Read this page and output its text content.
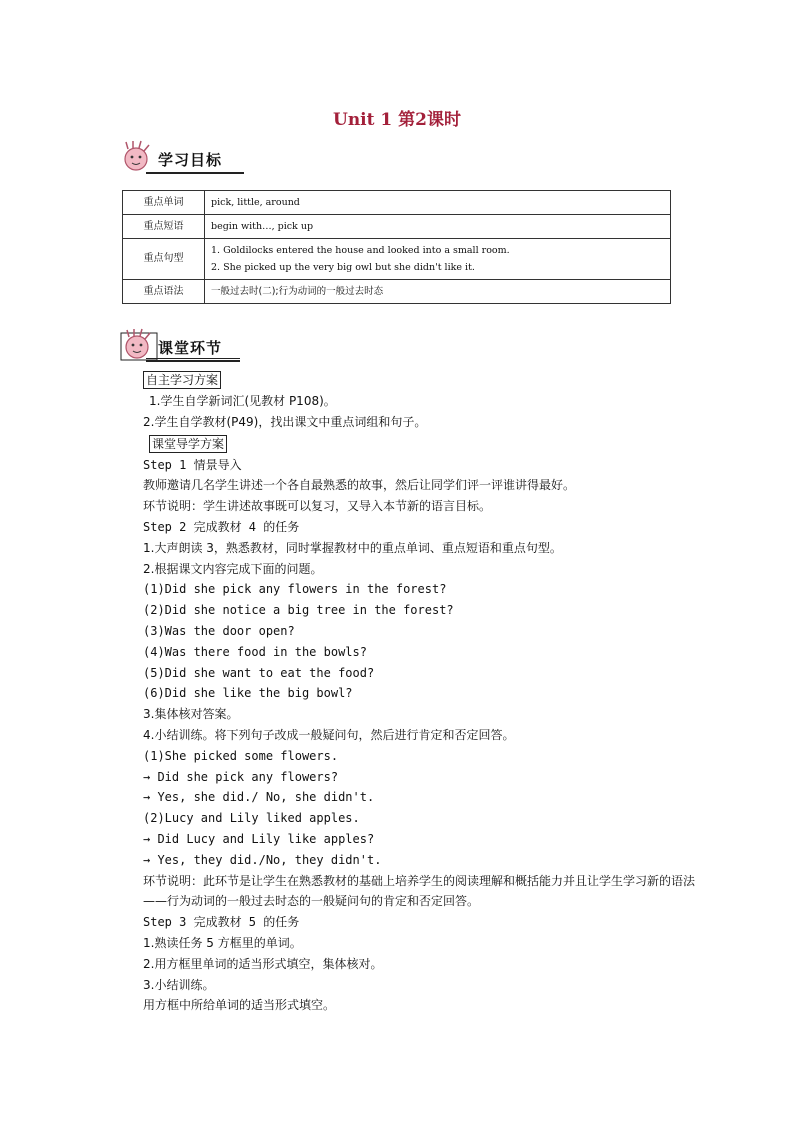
Unit 1 第2课时
学习目标
重点单词	pick, little, around

重点短语	begin with…, pick up

重点句型	1. Goldilocks entered the house and looked into a small room.
2. She picked up the very big owl but she didn't like it.

重点语法	一般过去时(二);行为动词的一般过去时态
课堂环节
自主学习方案
1.学生自学新词汇(见教材 P108)。
2.学生自学教材(P49)，找出课文中重点词组和句子。
课堂导学方案
Step 1 情景导入
教师邀请几名学生讲述一个各自最熟悉的故事，然后让同学们评一评谁讲得最好。
环节说明：学生讲述故事既可以复习，又导入本节新的语言目标。
Step 2 完成教材 4 的任务
1.大声朗读 3，熟悉教材，同时掌握教材中的重点单词、重点短语和重点句型。
2.根据课文内容完成下面的问题。
(1)Did she pick any flowers in the forest?
(2)Did she notice a big tree in the forest?
(3)Was the door open?
(4)Was there food in the bowls?
(5)Did she want to eat the food?
(6)Did she like the big bowl?
3.集体核对答案。
4.小结训练。将下列句子改成一般疑问句，然后进行肯定和否定回答。
(1)She picked some flowers.
→ Did she pick any flowers?
→ Yes, she did./ No, she didn't.
(2)Lucy and Lily liked apples.
→ Did Lucy and Lily like apples?
→ Yes, they did./No, they didn't.
环节说明：此环节是让学生在熟悉教材的基础上培养学生的阅读理解和概括能力并且让学生学习新的语法——行为动词的一般过去时态的一般疑问句的肯定和否定回答。
Step 3 完成教材 5 的任务
1.熟读任务 5 方框里的单词。
2.用方框里单词的适当形式填空，集体核对。
3.小结训练。
用方框中所给单词的适当形式填空。
